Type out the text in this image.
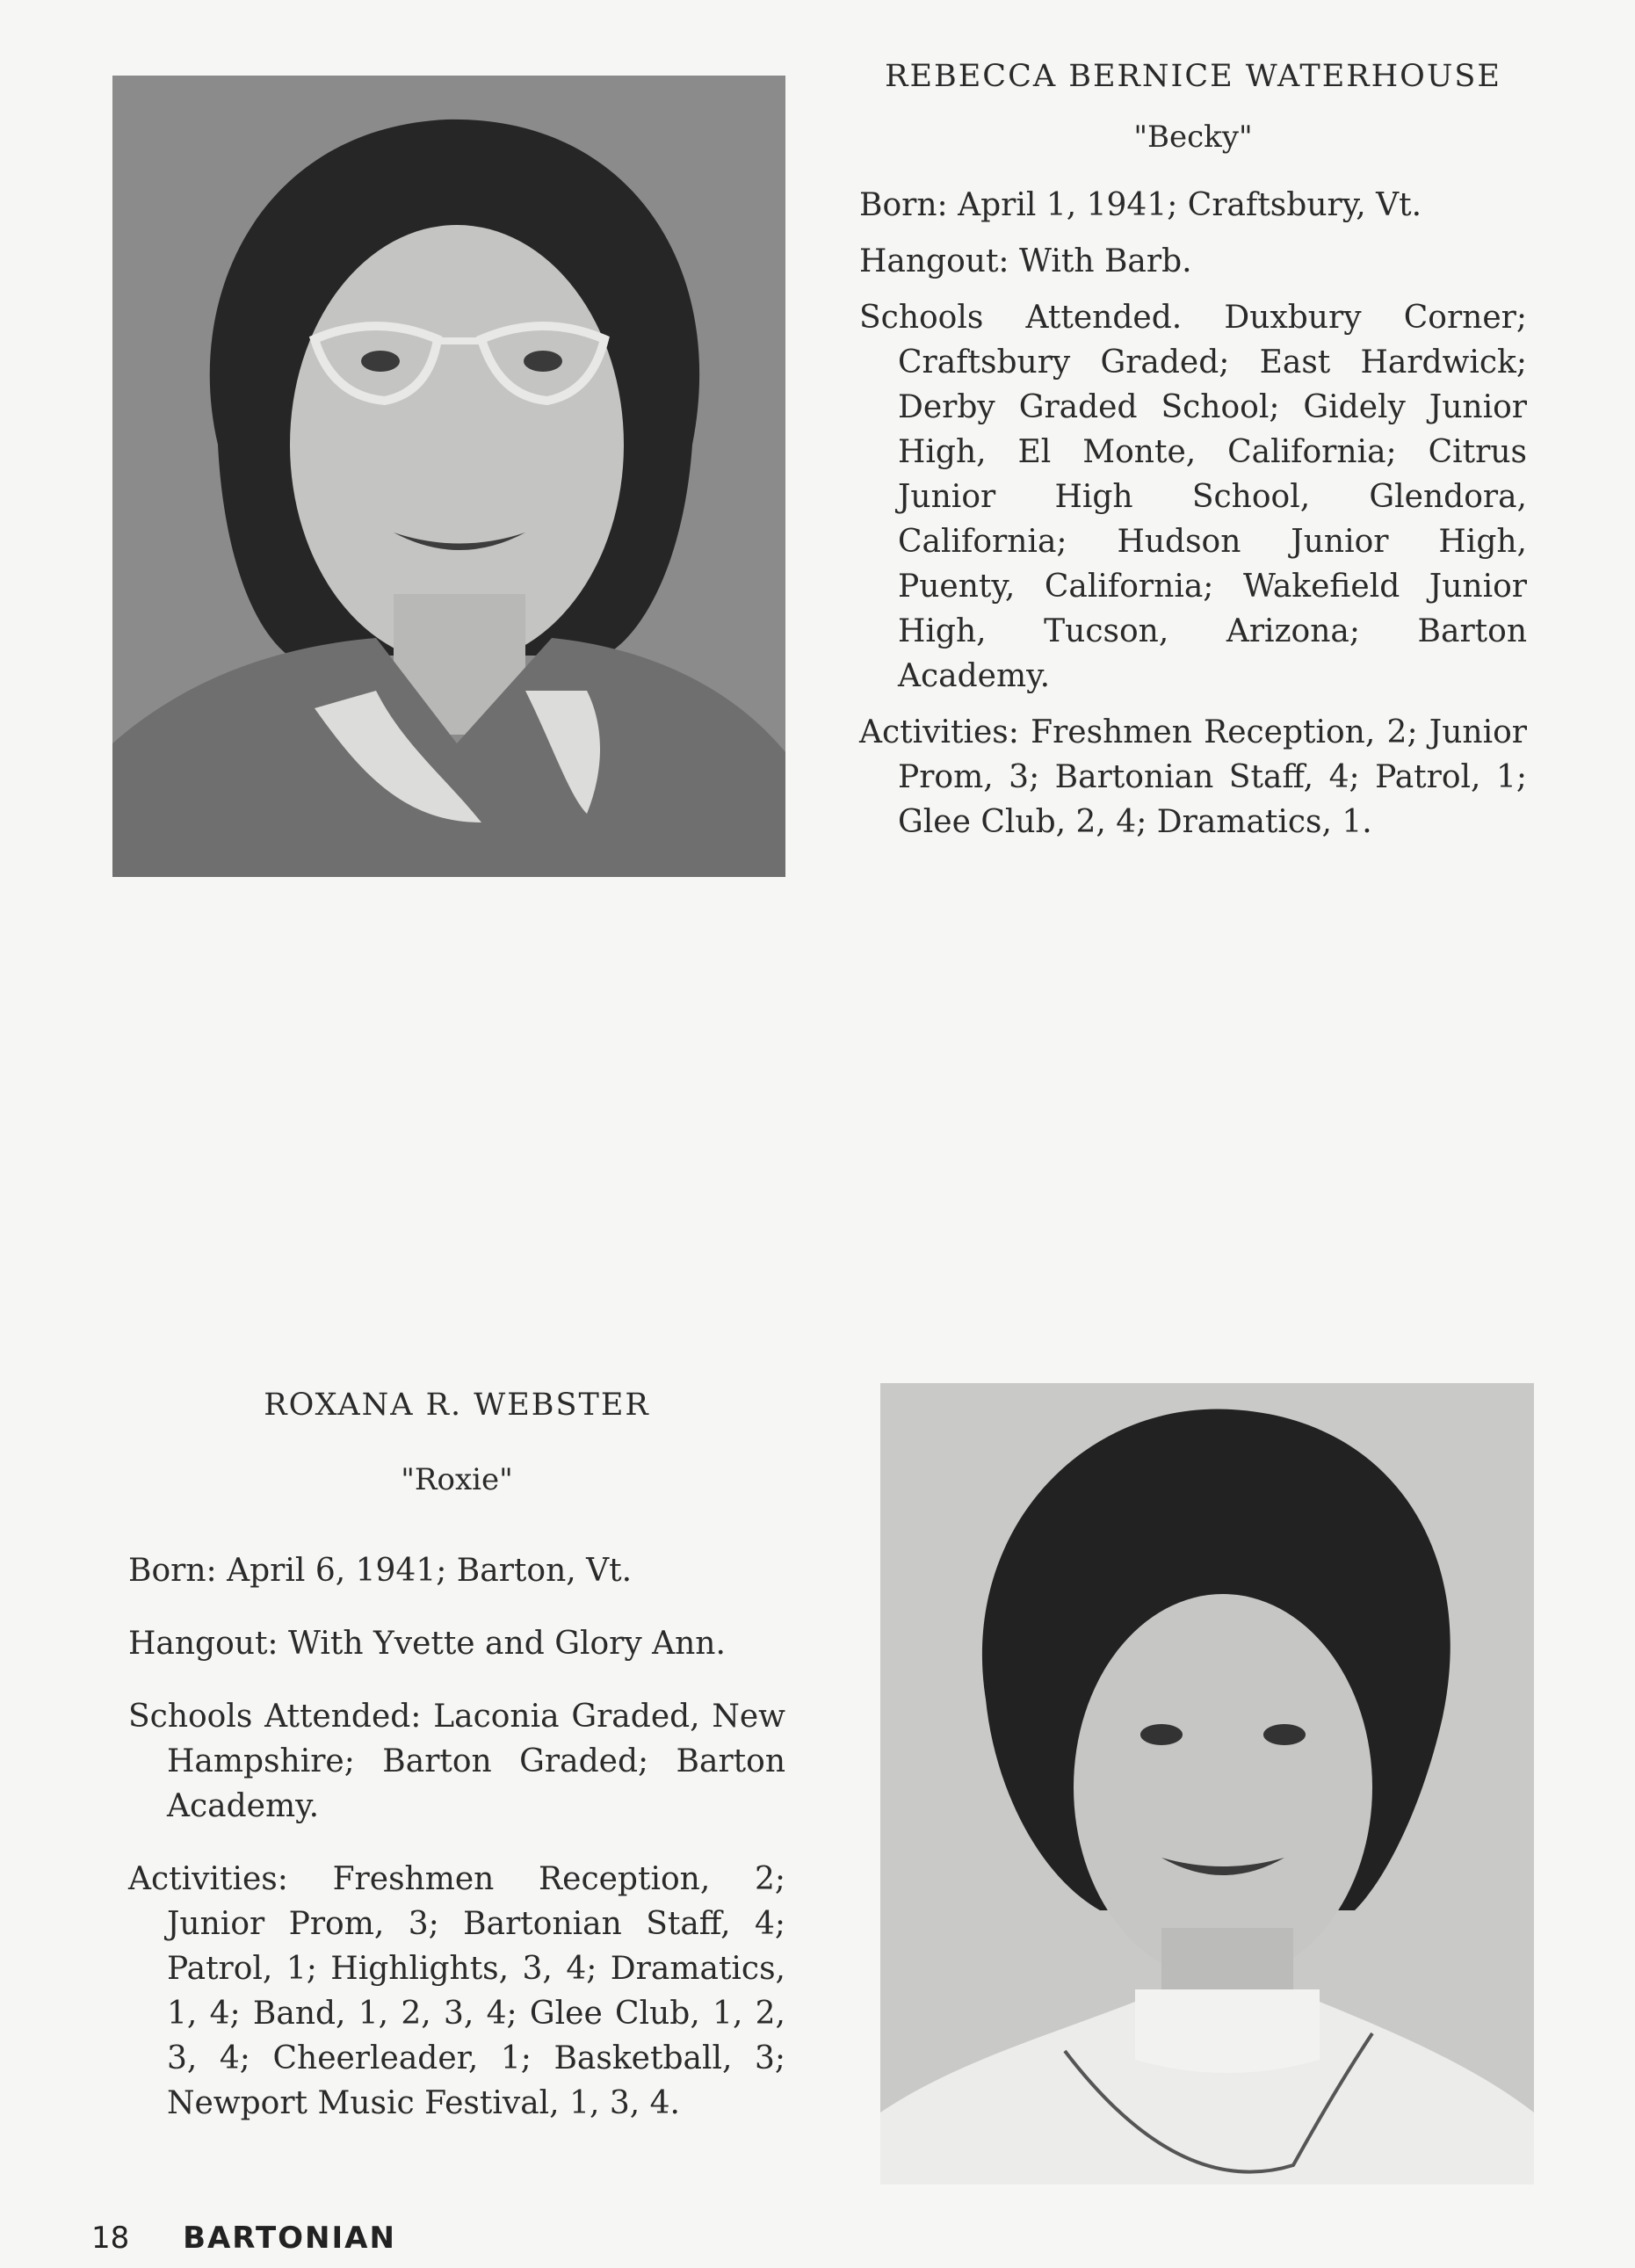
REBECCA BERNICE WATERHOUSE

"Becky"

Born: April 1, 1941; Craftsbury, Vt.

Hangout: With Barb.

Schools Attended. Duxbury Corner; Craftsbury Graded; East Hardwick; Derby Graded School; Gidely Junior High, El Monte, California; Citrus Junior High School, Glendora, California; Hudson Junior High, Puenty, California; Wakefield Junior High, Tucson, Arizona; Barton Academy.

Activities: Freshmen Reception, 2; Junior Prom, 3; Bartonian Staff, 4; Patrol, 1; Glee Club, 2, 4; Dramatics, 1.

ROXANA R. WEBSTER

"Roxie"

Born: April 6, 1941; Barton, Vt.

Hangout: With Yvette and Glory Ann.

Schools Attended: Laconia Graded, New Hampshire; Barton Graded; Barton Academy.

Activities: Freshmen Reception, 2; Junior Prom, 3; Bartonian Staff, 4; Patrol, 1; Highlights, 3, 4; Dramatics, 1, 4; Band, 1, 2, 3, 4; Glee Club, 1, 2, 3, 4; Cheerleader, 1; Basketball, 3; Newport Music Festival, 1, 3, 4.

18 BARTONIAN
